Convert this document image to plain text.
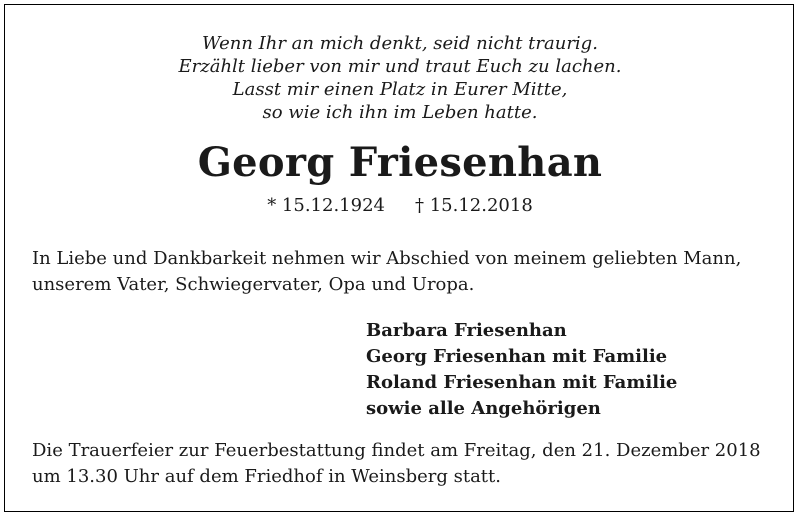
Wenn Ihr an mich denkt, seid nicht traurig.
Erzählt lieber von mir und traut Euch zu lachen.
Lasst mir einen Platz in Eurer Mitte,
so wie ich ihn im Leben hatte.
Georg Friesenhan
* 15.12.1924 † 15.12.2018
In Liebe und Dankbarkeit nehmen wir Abschied von meinem geliebten Mann,
unserem Vater, Schwiegervater, Opa und Uropa.
Barbara Friesenhan
Georg Friesenhan mit Familie
Roland Friesenhan mit Familie
sowie alle Angehörigen
Die Trauerfeier zur Feuerbestattung findet am Freitag, den 21. Dezember 2018
um 13.30 Uhr auf dem Friedhof in Weinsberg statt.
